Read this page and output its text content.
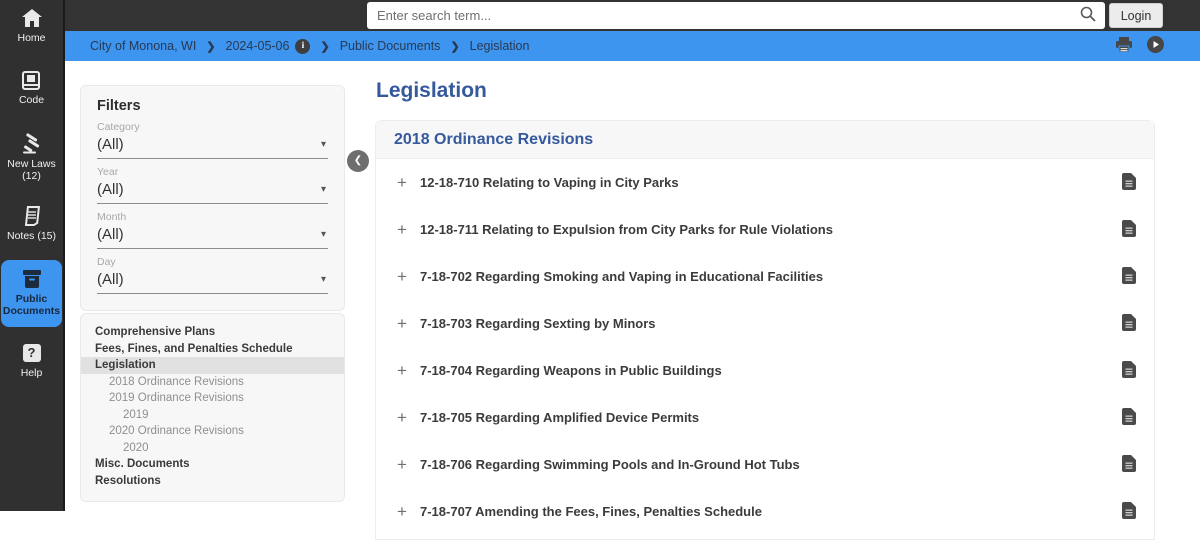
Home
Code
New Laws
(12)
Notes (15)
Public Documents
?
Help
Enter search term...
Login
City of Monona, WI ❯ 2024-05-06	i	❯ Public Documents ❯ Legislation
Filters
Category
(All)	▾
Year
(All)	▾
Month
(All)	▾
Day
(All)	▾
Comprehensive Plans
Fees, Fines, and Penalties Schedule
Legislation
2018 Ordinance Revisions
2019 Ordinance Revisions
2019
2020 Ordinance Revisions
2020
Misc. Documents
Resolutions
❮
Legislation
2018 Ordinance Revisions
+ 12-18-710 Relating to Vaping in City Parks
+ 12-18-711 Relating to Expulsion from City Parks for Rule Violations
+ 7-18-702 Regarding Smoking and Vaping in Educational Facilities
+ 7-18-703 Regarding Sexting by Minors
+ 7-18-704 Regarding Weapons in Public Buildings
+ 7-18-705 Regarding Amplified Device Permits
+ 7-18-706 Regarding Swimming Pools and In-Ground Hot Tubs
+ 7-18-707 Amending the Fees, Fines, Penalties Schedule
